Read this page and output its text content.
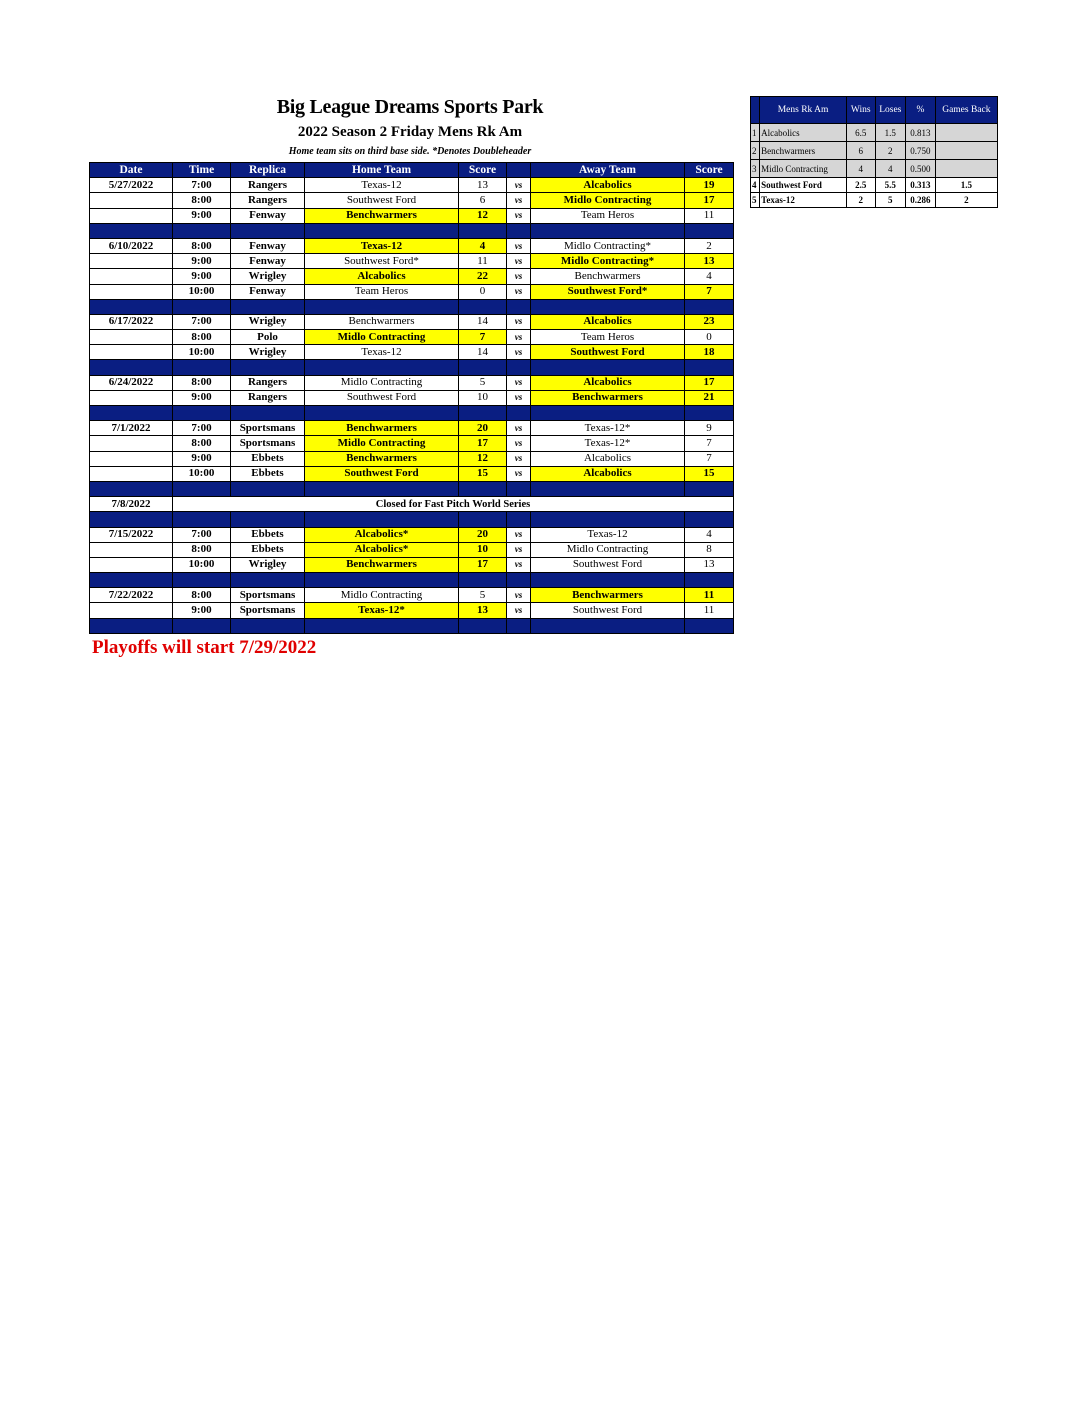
Big League Dreams Sports Park
2022 Season 2 Friday Mens Rk Am
Home team sits on third base side. *Denotes Doubleheader
Date	Time	Replica	Home Team	Score		Away Team	Score
5/27/2022	7:00	Rangers	Texas-12	13	vs	Alcabolics	19
	8:00	Rangers	Southwest Ford	6	vs	Midlo Contracting	17
	9:00	Fenway	Benchwarmers	12	vs	Team Heros	11

6/10/2022	8:00	Fenway	Texas-12	4	vs	Midlo Contracting*	2
	9:00	Fenway	Southwest Ford*	11	vs	Midlo Contracting*	13
	9:00	Wrigley	Alcabolics	22	vs	Benchwarmers	4
	10:00	Fenway	Team Heros	0	vs	Southwest Ford*	7

6/17/2022	7:00	Wrigley	Benchwarmers	14	vs	Alcabolics	23
	8:00	Polo	Midlo Contracting	7	vs	Team Heros	0
	10:00	Wrigley	Texas-12	14	vs	Southwest Ford	18

6/24/2022	8:00	Rangers	Midlo Contracting	5	vs	Alcabolics	17
	9:00	Rangers	Southwest Ford	10	vs	Benchwarmers	21

7/1/2022	7:00	Sportsmans	Benchwarmers	20	vs	Texas-12*	9
	8:00	Sportsmans	Midlo Contracting	17	vs	Texas-12*	7
	9:00	Ebbets	Benchwarmers	12	vs	Alcabolics	7
	10:00	Ebbets	Southwest Ford	15	vs	Alcabolics	15

7/8/2022	Closed for Fast Pitch World Series						

7/15/2022	7:00	Ebbets	Alcabolics*	20	vs	Texas-12	4
	8:00	Ebbets	Alcabolics*	10	vs	Midlo Contracting	8
	10:00	Wrigley	Benchwarmers	17	vs	Southwest Ford	13

7/22/2022	8:00	Sportsmans	Midlo Contracting	5	vs	Benchwarmers	11
	9:00	Sportsmans	Texas-12*	13	vs	Southwest Ford	11

	Mens Rk Am	Wins	Loses	%	Games Back
1	Alcabolics	6.5	1.5	0.813	
2	Benchwarmers	6	2	0.750	
3	Midlo Contracting	4	4	0.500	
4	Southwest Ford	2.5	5.5	0.313	1.5
5	Texas-12	2	5	0.286	2
Playoffs will start 7/29/2022
